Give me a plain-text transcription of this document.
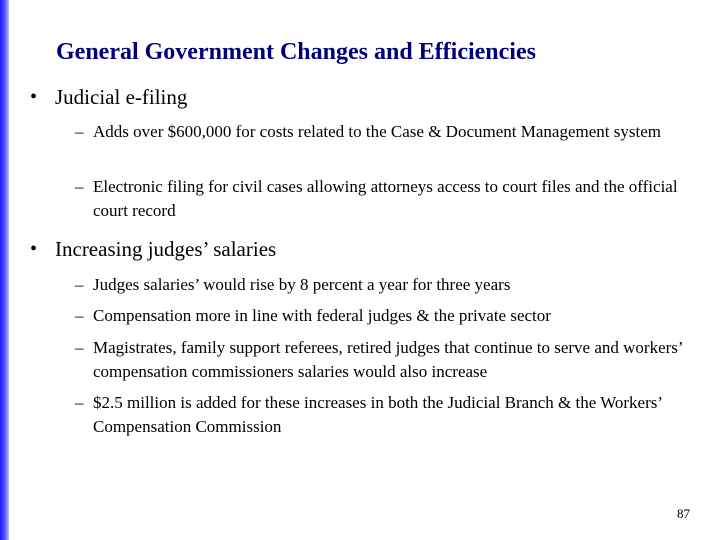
General Government Changes and Efficiencies
• Judicial e-filing
– Adds over $600,000 for costs related to the Case & Document Management system
– Electronic filing for civil cases allowing attorneys access to court files and the official court record
• Increasing judges’ salaries
– Judges salaries’ would rise by 8 percent a year for three years
– Compensation more in line with federal judges & the private sector
– Magistrates, family support referees, retired judges that continue to serve and workers’ compensation commissioners salaries would also increase
– $2.5 million is added for these increases in both the Judicial Branch & the Workers’ Compensation Commission
87
